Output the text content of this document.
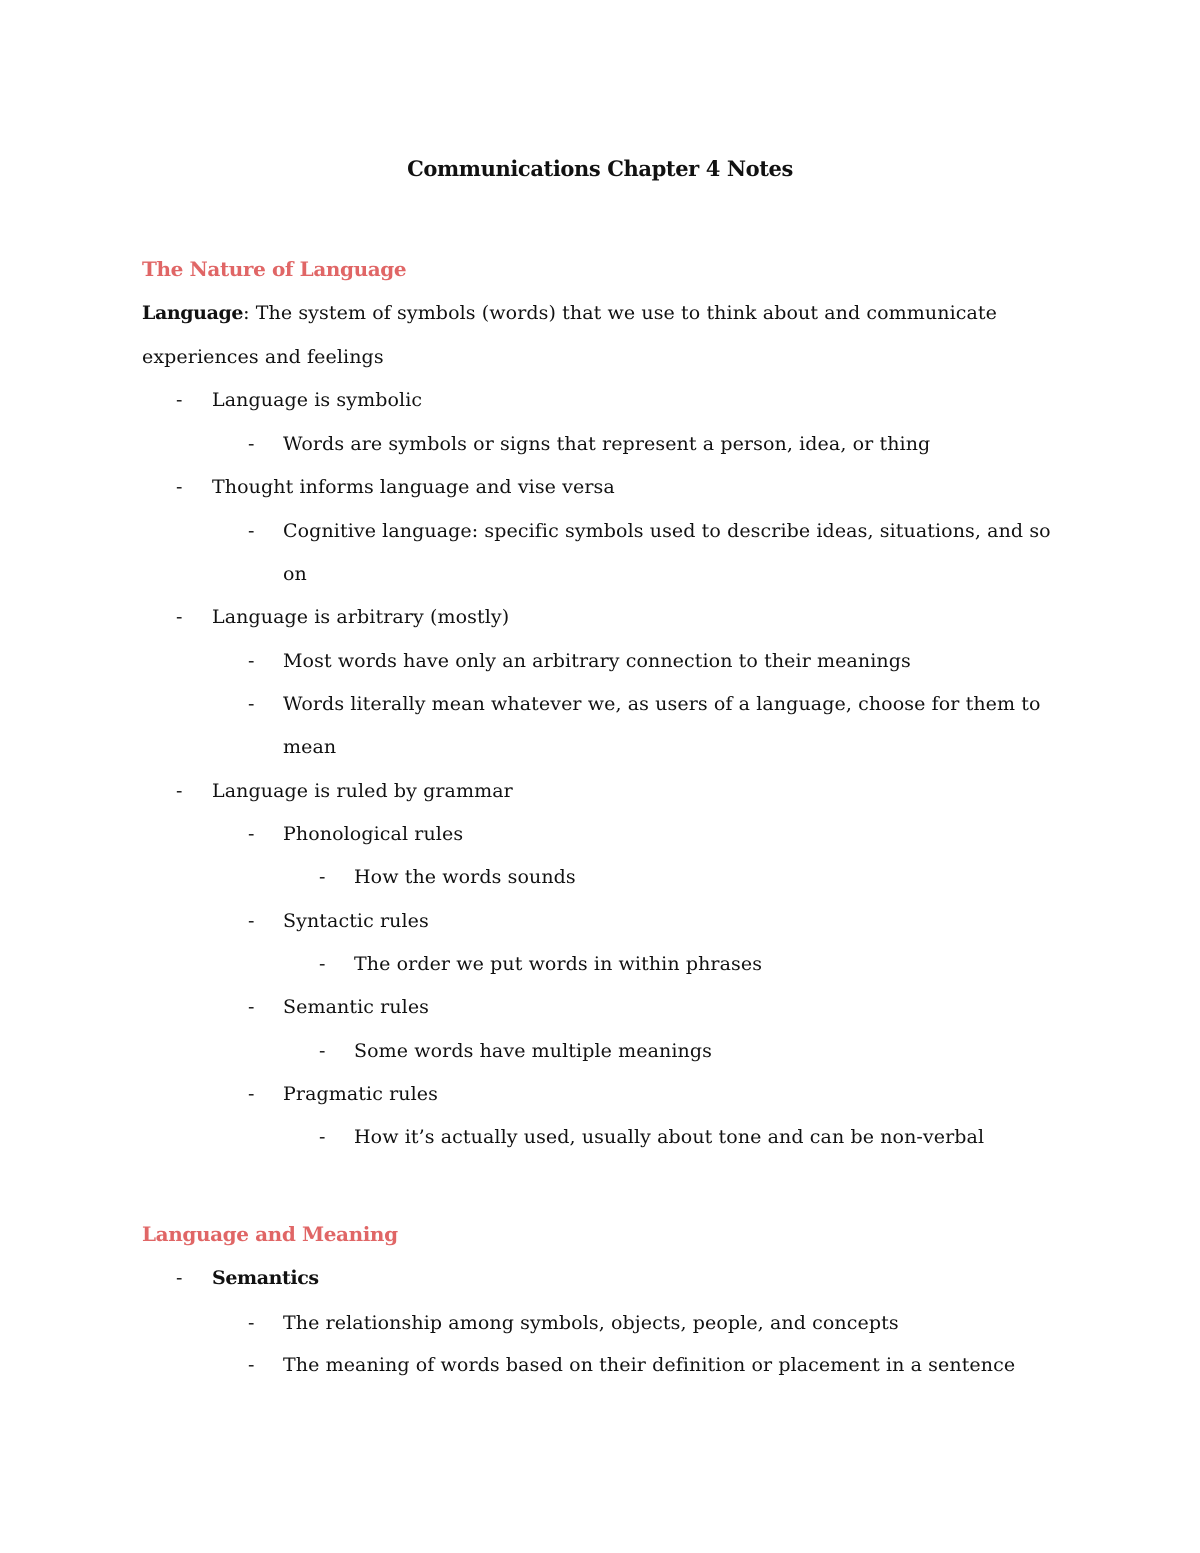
Communications Chapter 4 Notes
The Nature of Language
Language: The system of symbols (words) that we use to think about and communicate
experiences and feelings
- Language is symbolic
- Words are symbols or signs that represent a person, idea, or thing
- Thought informs language and vise versa
- Cognitive language: specific symbols used to describe ideas, situations, and so
on
- Language is arbitrary (mostly)
- Most words have only an arbitrary connection to their meanings
- Words literally mean whatever we, as users of a language, choose for them to
mean
- Language is ruled by grammar
- Phonological rules
- How the words sounds
- Syntactic rules
- The order we put words in within phrases
- Semantic rules
- Some words have multiple meanings
- Pragmatic rules
- How it’s actually used, usually about tone and can be non-verbal
Language and Meaning
- Semantics
- The relationship among symbols, objects, people, and concepts
- The meaning of words based on their definition or placement in a sentence
